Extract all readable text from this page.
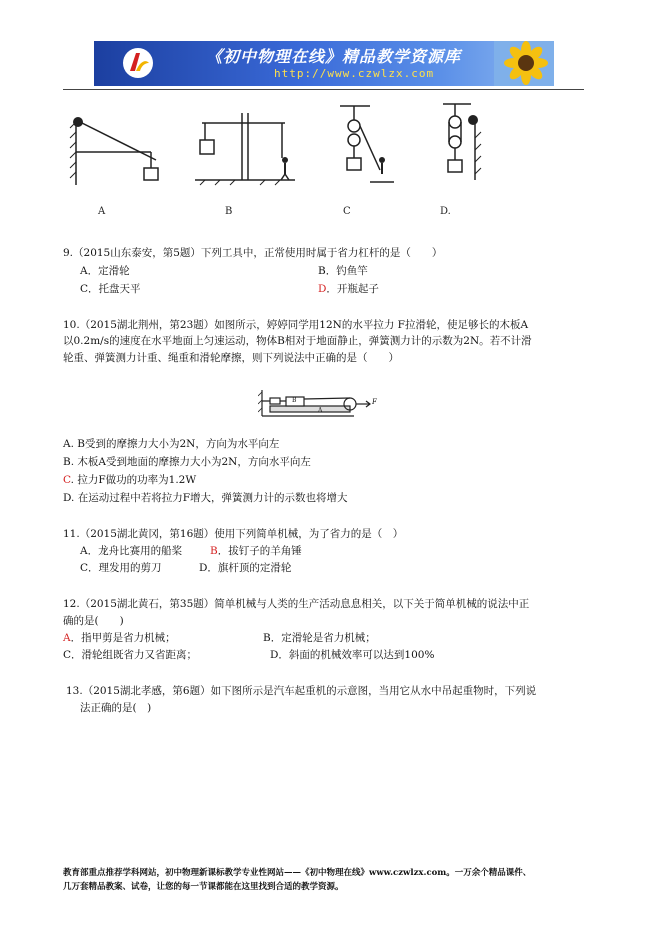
《初中物理在线》精品教学资源库
http://www.czwlzx.com
A	B	C	D.
9.（2015山东泰安，第5题）下列工具中，正常使用时属于省力杠杆的是（　　）
A．定滑轮	B．钓鱼竿
C．托盘天平	D．开瓶起子
10.（2015湖北荆州，第23题）如图所示，婷婷同学用12N的水平拉力 F拉滑轮，使足够长的木板A
以0.2m/s的速度在水平地面上匀速运动，物体B相对于地面静止，弹簧测力计的示数为2N。若不计滑
轮重、弹簧测力计重、绳重和滑轮摩擦，则下列说法中正确的是（　　）
B
A
F
A. B受到的摩擦力大小为2N，方向为水平向左
B. 木板A受到地面的摩擦力大小为2N，方向水平向左
C. 拉力F做功的功率为1.2W
D. 在运动过程中若将拉力F增大，弹簧测力计的示数也将增大
11.（2015湖北黄冈，第16题）使用下列简单机械，为了省力的是（　）
A．龙舟比赛用的船桨	B．拔钉子的羊角锤
C．理发用的剪刀	D．旗杆顶的定滑轮
12.（2015湖北黄石，第35题）简单机械与人类的生产活动息息相关，以下关于简单机械的说法中正
确的是(　　)
A．指甲剪是省力机械；	B．定滑轮是省力机械；
C．滑轮组既省力又省距离；	D．斜面的机械效率可以达到100%
13.（2015湖北孝感，第6题）如下图所示是汽车起重机的示意图，当用它从水中吊起重物时，下列说
法正确的是(　)
教育部重点推荐学科网站，初中物理新课标教学专业性网站——《初中物理在线》www.czwlzx.com。一万余个精品课件、
几万套精品教案、试卷，让您的每一节课都能在这里找到合适的教学资源。
